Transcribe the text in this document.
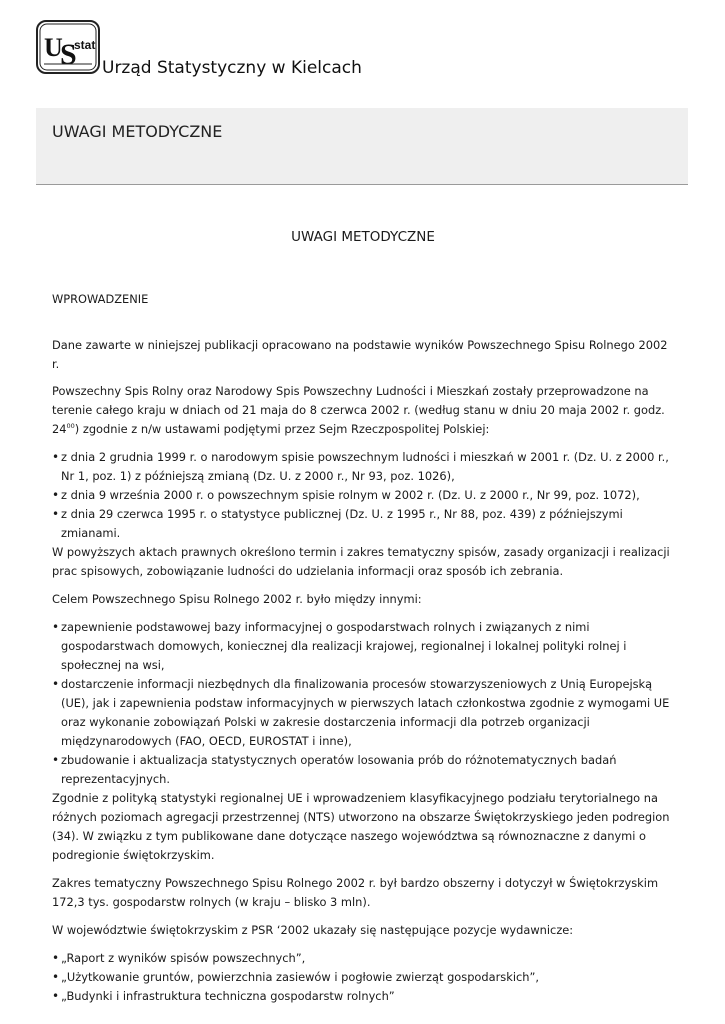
U
S
stat
Urząd Statystyczny w Kielcach
UWAGI METODYCZNE
UWAGI METODYCZNE
WPROWADZENIE

Dane zawarte w niniejszej publikacji opracowano na podstawie wyników Powszechnego Spisu Rolnego 2002 r.

Powszechny Spis Rolny oraz Narodowy Spis Powszechny Ludności i Mieszkań zostały przeprowadzone na terenie całego kraju w dniach od 21 maja do 8 czerwca 2002 r. (według stanu w dniu 20 maja 2002 r. godz. $24^{00}$) zgodnie z n/w ustawami podjętymi przez Sejm Rzeczpospolitej Polskiej:

• z dnia 2 grudnia 1999 r. o narodowym spisie powszechnym ludności i mieszkań w 2001 r. (Dz. U. z 2000 r., Nr 1, poz. 1) z późniejszą zmianą (Dz. U. z 2000 r., Nr 93, poz. 1026),
• z dnia 9 września 2000 r. o powszechnym spisie rolnym w 2002 r. (Dz. U. z 2000 r., Nr 99, poz. 1072),
• z dnia 29 czerwca 1995 r. o statystyce publicznej (Dz. U. z 1995 r., Nr 88, poz. 439) z późniejszymi zmianami.

W powyższych aktach prawnych określono termin i zakres tematyczny spisów, zasady organizacji i realizacji prac spisowych, zobowiązanie ludności do udzielania informacji oraz sposób ich zebrania.

Celem Powszechnego Spisu Rolnego 2002 r. było między innymi:

• zapewnienie podstawowej bazy informacyjnej o gospodarstwach rolnych i związanych z nimi gospodarstwach domowych, koniecznej dla realizacji krajowej, regionalnej i lokalnej polityki rolnej i społecznej na wsi,
• dostarczenie informacji niezbędnych dla finalizowania procesów stowarzyszeniowych z Unią Europejską (UE), jak i zapewnienia podstaw informacyjnych w pierwszych latach członkostwa zgodnie z wymogami UE oraz wykonanie zobowiązań Polski w zakresie dostarczenia informacji dla potrzeb organizacji międzynarodowych (FAO, OECD, EUROSTAT i inne),
• zbudowanie i aktualizacja statystycznych operatów losowania prób do różnotematycznych badań reprezentacyjnych.

Zgodnie z polityką statystyki regionalnej UE i wprowadzeniem klasyfikacyjnego podziału terytorialnego na różnych poziomach agregacji przestrzennej (NTS) utworzono na obszarze Świętokrzyskiego jeden podregion (34). W związku z tym publikowane dane dotyczące naszego województwa są równoznaczne z danymi o podregionie świętokrzyskim.

Zakres tematyczny Powszechnego Spisu Rolnego 2002 r. był bardzo obszerny i dotyczył w Świętokrzyskim 172,3 tys. gospodarstw rolnych (w kraju – blisko 3 mln).

W województwie świętokrzyskim z PSR ‘2002 ukazały się następujące pozycje wydawnicze:

• „Raport z wyników spisów powszechnych”,
• „Użytkowanie gruntów, powierzchnia zasiewów i pogłowie zwierząt gospodarskich”,
• „Budynki i infrastruktura techniczna gospodarstw rolnych”
